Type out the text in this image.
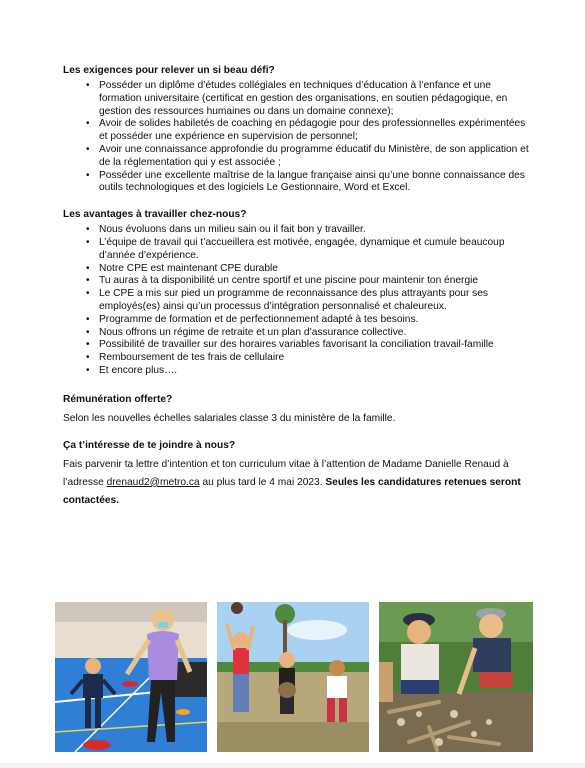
Les exigences pour relever un si beau défi?
• Posséder un diplôme d’études collégiales en techniques d’éducation à l’enfance et une formation universitaire (certificat en gestion des organisations, en soutien pédagogique, en gestion des ressources humaines ou dans un domaine connexe);
• Avoir de solides habiletés de coaching en pédagogie pour des professionnelles expérimentées et posséder une expérience en supervision de personnel;
• Avoir une connaissance approfondie du programme éducatif du Ministère, de son application et de la réglementation qui y est associée ;
• Posséder une excellente maîtrise de la langue française ainsi qu’une bonne connaissance des outils technologiques et des logiciels Le Gestionnaire, Word et Excel.
Les avantages à travailler chez-nous?
• Nous évoluons dans un milieu sain ou il fait bon y travailler.
• L’équipe de travail qui t’accueillera est motivée, engagée, dynamique et cumule beaucoup d’année d’expérience.
• Notre CPE est maintenant CPE durable
• Tu auras à ta disponibilité un centre sportif et une piscine pour maintenir ton énergie
• Le CPE a mis sur pied un programme de reconnaissance des plus attrayants pour ses employés(es) ainsi qu’un processus d’intégration personnalisé et chaleureux.
• Programme de formation et de perfectionnement adapté à tes besoins.
• Nous offrons un régime de retraite et un plan d’assurance collective.
• Possibilité de travailler sur des horaires variables favorisant la conciliation travail-famille
• Remboursement de tes frais de cellulaire
• Et encore plus….
Rémunération offerte?

Selon les nouvelles échelles salariales classe 3 du ministère de la famille.

Ça t’intéresse de te joindre à nous?

Fais parvenir ta lettre d’intention et ton curriculum vitae à l’attention de Madame Danielle Renaud à l’adresse drenaud2@metro.ca au plus tard le 4 mai 2023. Seules les candidatures retenues seront contactées.
